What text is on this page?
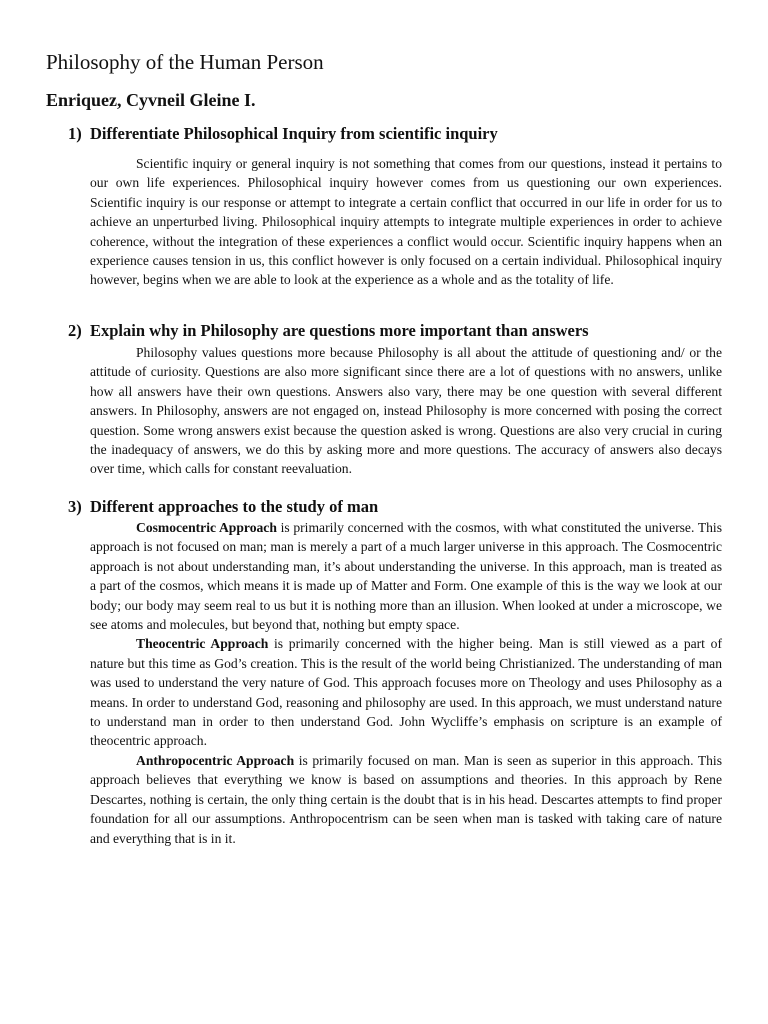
Philosophy of the Human Person
Enriquez, Cyvneil Gleine I.
1) Differentiate Philosophical Inquiry from scientific inquiry

Scientific inquiry or general inquiry is not something that comes from our questions, instead it pertains to our own life experiences. Philosophical inquiry however comes from us questioning our own experiences. Scientific inquiry is our response or attempt to integrate a certain conflict that occurred in our life in order for us to achieve an unperturbed living. Philosophical inquiry attempts to integrate multiple experiences in order to achieve coherence, without the integration of these experiences a conflict would occur. Scientific inquiry happens when an experience causes tension in us, this conflict however is only focused on a certain individual. Philosophical inquiry however, begins when we are able to look at the experience as a whole and as the totality of life.

2) Explain why in Philosophy are questions more important than answers

Philosophy values questions more because Philosophy is all about the attitude of questioning and/ or the attitude of curiosity. Questions are also more significant since there are a lot of questions with no answers, unlike how all answers have their own questions. Answers also vary, there may be one question with several different answers. In Philosophy, answers are not engaged on, instead Philosophy is more concerned with posing the correct question. Some wrong answers exist because the question asked is wrong. Questions are also very crucial in curing the inadequacy of answers, we do this by asking more and more questions. The accuracy of answers also decays over time, which calls for constant reevaluation.

3) Different approaches to the study of man

Cosmocentric Approach is primarily concerned with the cosmos, with what constituted the universe. This approach is not focused on man; man is merely a part of a much larger universe in this approach. The Cosmocentric approach is not about understanding man, it’s about understanding the universe. In this approach, man is treated as a part of the cosmos, which means it is made up of Matter and Form. One example of this is the way we look at our body; our body may seem real to us but it is nothing more than an illusion. When looked at under a microscope, we see atoms and molecules, but beyond that, nothing but empty space.

Theocentric Approach is primarily concerned with the higher being. Man is still viewed as a part of nature but this time as God’s creation. This is the result of the world being Christianized. The understanding of man was used to understand the very nature of God. This approach focuses more on Theology and uses Philosophy as a means. In order to understand God, reasoning and philosophy are used. In this approach, we must understand nature to understand man in order to then understand God. John Wycliffe’s emphasis on scripture is an example of theocentric approach.

Anthropocentric Approach is primarily focused on man. Man is seen as superior in this approach. This approach believes that everything we know is based on assumptions and theories. In this approach by Rene Descartes, nothing is certain, the only thing certain is the doubt that is in his head. Descartes attempts to find proper foundation for all our assumptions. Anthropocentrism can be seen when man is tasked with taking care of nature and everything that is in it.
